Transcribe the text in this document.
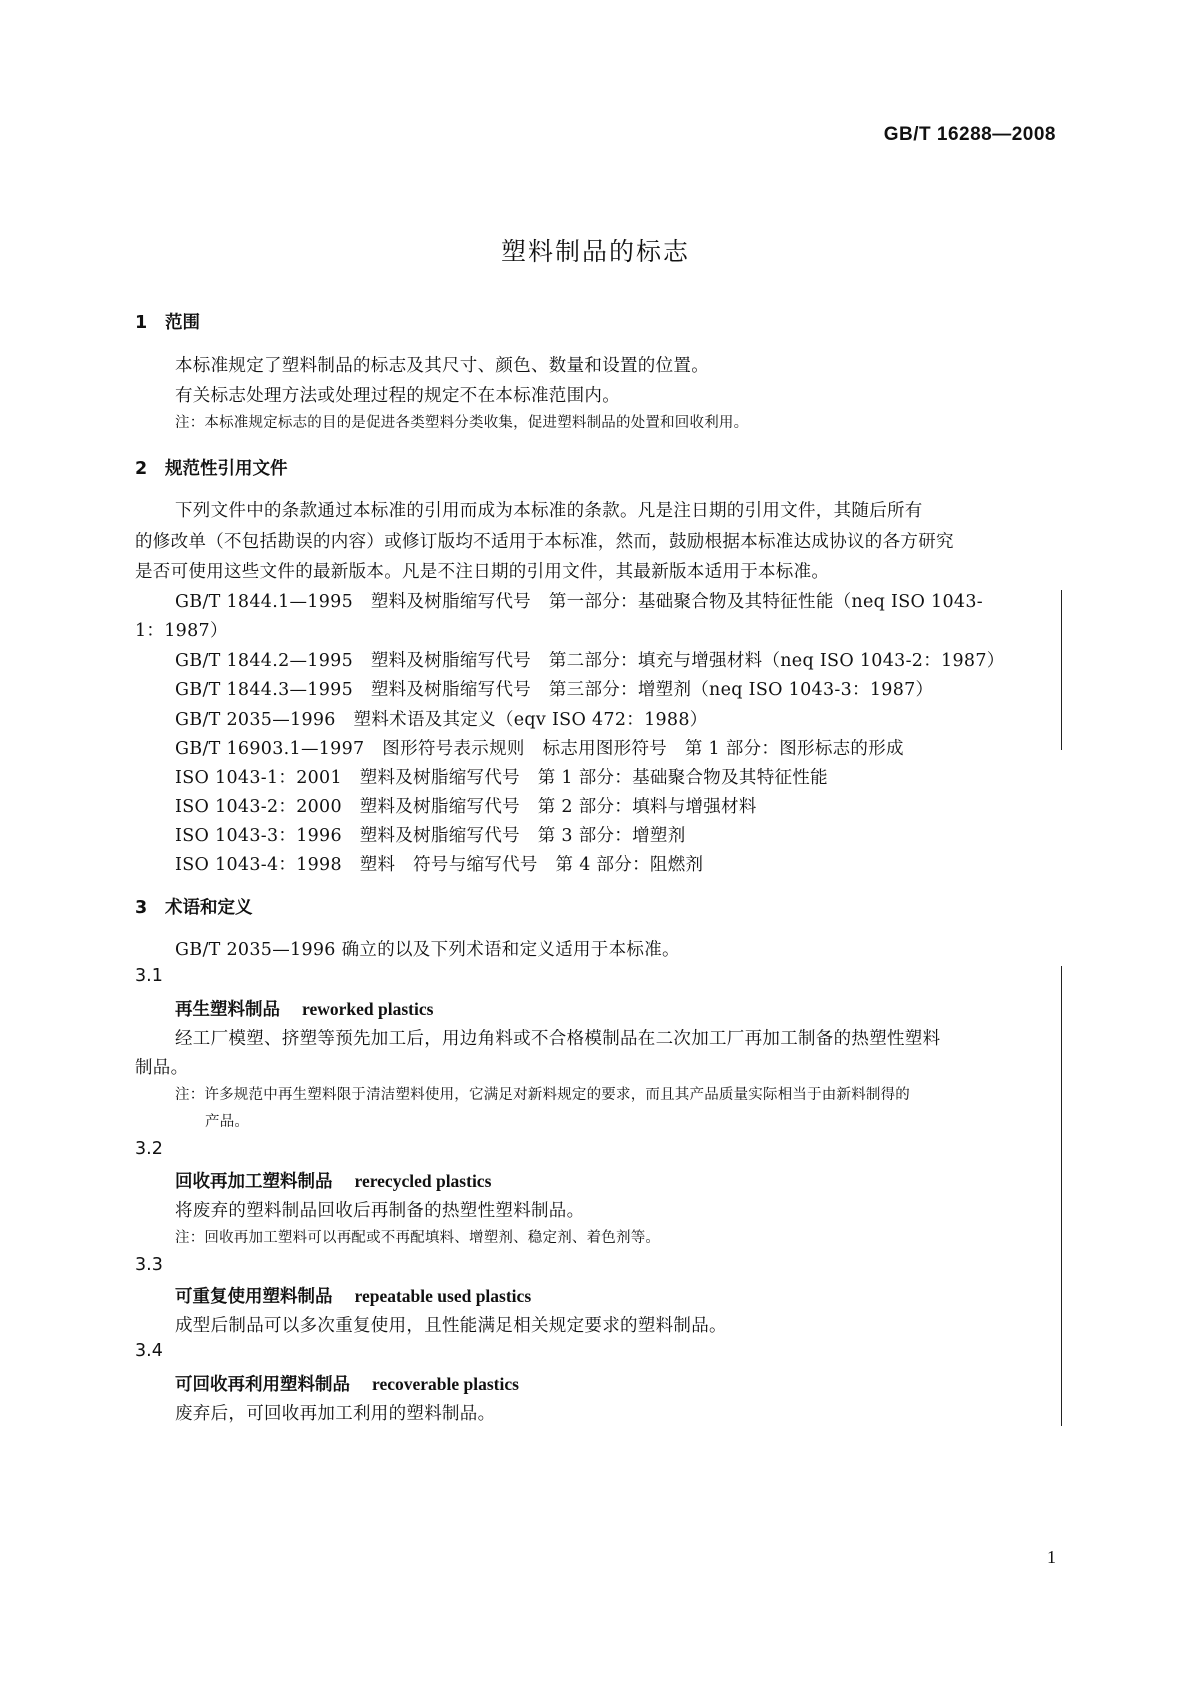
GB/T 16288—2008
塑料制品的标志
1 范围
本标准规定了塑料制品的标志及其尺寸、颜色、数量和设置的位置。
有关标志处理方法或处理过程的规定不在本标准范围内。
注：本标准规定标志的目的是促进各类塑料分类收集，促进塑料制品的处置和回收利用。
2 规范性引用文件
下列文件中的条款通过本标准的引用而成为本标准的条款。凡是注日期的引用文件，其随后所有
的修改单（不包括勘误的内容）或修订版均不适用于本标准，然而，鼓励根据本标准达成协议的各方研究
是否可使用这些文件的最新版本。凡是不注日期的引用文件，其最新版本适用于本标准。
GB/T 1844.1—1995　塑料及树脂缩写代号　第一部分：基础聚合物及其特征性能（neq ISO 1043-
1：1987）
GB/T 1844.2—1995　塑料及树脂缩写代号　第二部分：填充与增强材料（neq ISO 1043-2：1987）
GB/T 1844.3—1995　塑料及树脂缩写代号　第三部分：增塑剂（neq ISO 1043-3：1987）
GB/T 2035—1996　塑料术语及其定义（eqv ISO 472：1988）
GB/T 16903.1—1997　图形符号表示规则　标志用图形符号　第 1 部分：图形标志的形成
ISO 1043-1：2001　塑料及树脂缩写代号　第 1 部分：基础聚合物及其特征性能
ISO 1043-2：2000　塑料及树脂缩写代号　第 2 部分：填料与增强材料
ISO 1043-3：1996　塑料及树脂缩写代号　第 3 部分：增塑剂
ISO 1043-4：1998　塑料　符号与缩写代号　第 4 部分：阻燃剂
3 术语和定义
GB/T 2035—1996 确立的以及下列术语和定义适用于本标准。
3.1
再生塑料制品 reworked plastics
经工厂模塑、挤塑等预先加工后，用边角料或不合格模制品在二次加工厂再加工制备的热塑性塑料
制品。
注：许多规范中再生塑料限于清洁塑料使用，它满足对新料规定的要求，而且其产品质量实际相当于由新料制得的
产品。
3.2
回收再加工塑料制品 rerecycled plastics
将废弃的塑料制品回收后再制备的热塑性塑料制品。
注：回收再加工塑料可以再配或不再配填料、增塑剂、稳定剂、着色剂等。
3.3
可重复使用塑料制品 repeatable used plastics
成型后制品可以多次重复使用，且性能满足相关规定要求的塑料制品。
3.4
可回收再利用塑料制品 recoverable plastics
废弃后，可回收再加工利用的塑料制品。
1
